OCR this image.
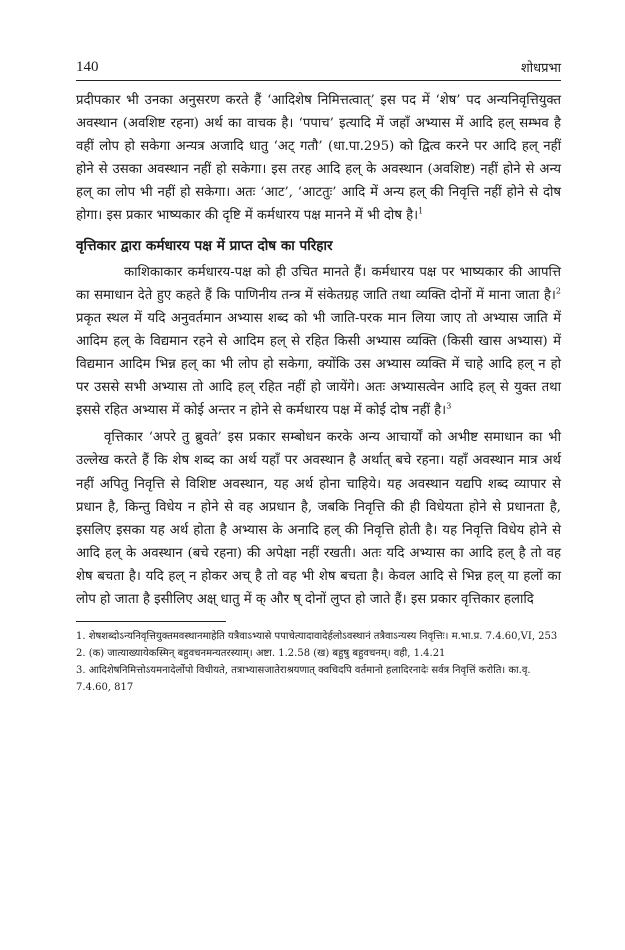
140	शोधप्रभा

प्रदीपकार भी उनका अनुसरण करते हैं ‘आदिशेष निमित्तत्वात्’ इस पद में ‘शेष’ पद अन्यनिवृत्तियुक्त अवस्थान (अवशिष्ट रहना) अर्थ का वाचक है। ‘पपाच’ इत्यादि में जहाँ अभ्यास में आदि हल् सम्भव है वहीं लोप हो सकेगा अन्यत्र अजादि धातु ‘अट् गतौ’ (धा.पा.295) को द्वित्व करने पर आदि हल् नहीं होने से उसका अवस्थान नहीं हो सकेगा। इस तरह आदि हल् के अवस्थान (अवशिष्ट) नहीं होने से अन्य हल् का लोप भी नहीं हो सकेगा। अतः ‘आट’, ‘आटतुः’ आदि में अन्य हल् की निवृत्ति नहीं होने से दोष होगा। इस प्रकार भाष्यकार की दृष्टि में कर्मधारय पक्ष मानने में भी दोष है।$^1$

वृत्तिकार द्वारा कर्मधारय पक्ष में प्राप्त दोष का परिहार

काशिकाकार कर्मधारय-पक्ष को ही उचित मानते हैं। कर्मधारय पक्ष पर भाष्यकार की आपत्ति का समाधान देते हुए कहते हैं कि पाणिनीय तन्त्र में संकेतग्रह जाति तथा व्यक्ति दोनों में माना जाता है।$^2$ प्रकृत स्थल में यदि अनुवर्तमान अभ्यास शब्द को भी जाति-परक मान लिया जाए तो अभ्यास जाति में आदिम हल् के विद्यमान रहने से आदिम हल् से रहित किसी अभ्यास व्यक्ति (किसी खास अभ्यास) में विद्यमान आदिम भिन्न हल् का भी लोप हो सकेगा, क्योंकि उस अभ्यास व्यक्ति में चाहे आदि हल् न हो पर उससे सभी अभ्यास तो आदि हल् रहित नहीं हो जायेंगे। अतः अभ्यासत्वेन आदि हल् से युक्त तथा इससे रहित अभ्यास में कोई अन्तर न होने से कर्मधारय पक्ष में कोई दोष नहीं है।$^3$

वृत्तिकार ‘अपरे तु ब्रुवते’ इस प्रकार सम्बोधन करके अन्य आचार्यों को अभीष्ट समाधान का भी उल्लेख करते हैं कि शेष शब्द का अर्थ यहाँ पर अवस्थान है अर्थात् बचे रहना। यहाँ अवस्थान मात्र अर्थ नहीं अपितु निवृत्ति से विशिष्ट अवस्थान, यह अर्थ होना चाहिये। यह अवस्थान यद्यपि शब्द व्यापार से प्रधान है, किन्तु विधेय न होने से वह अप्रधान है, जबकि निवृत्ति की ही विधेयता होने से प्रधानता है, इसलिए इसका यह अर्थ होता है अभ्यास के अनादि हल् की निवृत्ति होती है। यह निवृत्ति विधेय होने से आदि हल् के अवस्थान (बचे रहना) की अपेक्षा नहीं रखती। अतः यदि अभ्यास का आदि हल् है तो वह शेष बचता है। यदि हल् न होकर अच् है तो वह भी शेष बचता है। केवल आदि से भिन्न हल् या हलों का लोप हो जाता है इसीलिए अक्ष् धातु में क् और ष् दोनों लुप्त हो जाते हैं। इस प्रकार वृत्तिकार हलादि

1. शेषशब्दोऽन्यनिवृत्तियुक्तमवस्थानमाहेति यत्रैवाऽभ्यासे पपाचेत्यादावादेर्हलोऽवस्थानं तत्रैवाऽन्यस्य निवृत्तिः। म.भा.प्र. 7.4.60,VI, 253

2. (क) जात्याख्यायेकस्मिन् बहुवचनमन्यतरस्याम्। अष्टा. 1.2.58 (ख) बहुषु बहुवचनम्। वही, 1.4.21

3. आदिशेषनिमित्तोऽयमनादेर्लोपो विधीयते, तत्राभ्यासजातेराश्रयणात् क्वचिदपि वर्तमानो हलादिरनादेः सर्वत्र निवृत्तिं करोति। का.वृ. 7.4.60, 817
